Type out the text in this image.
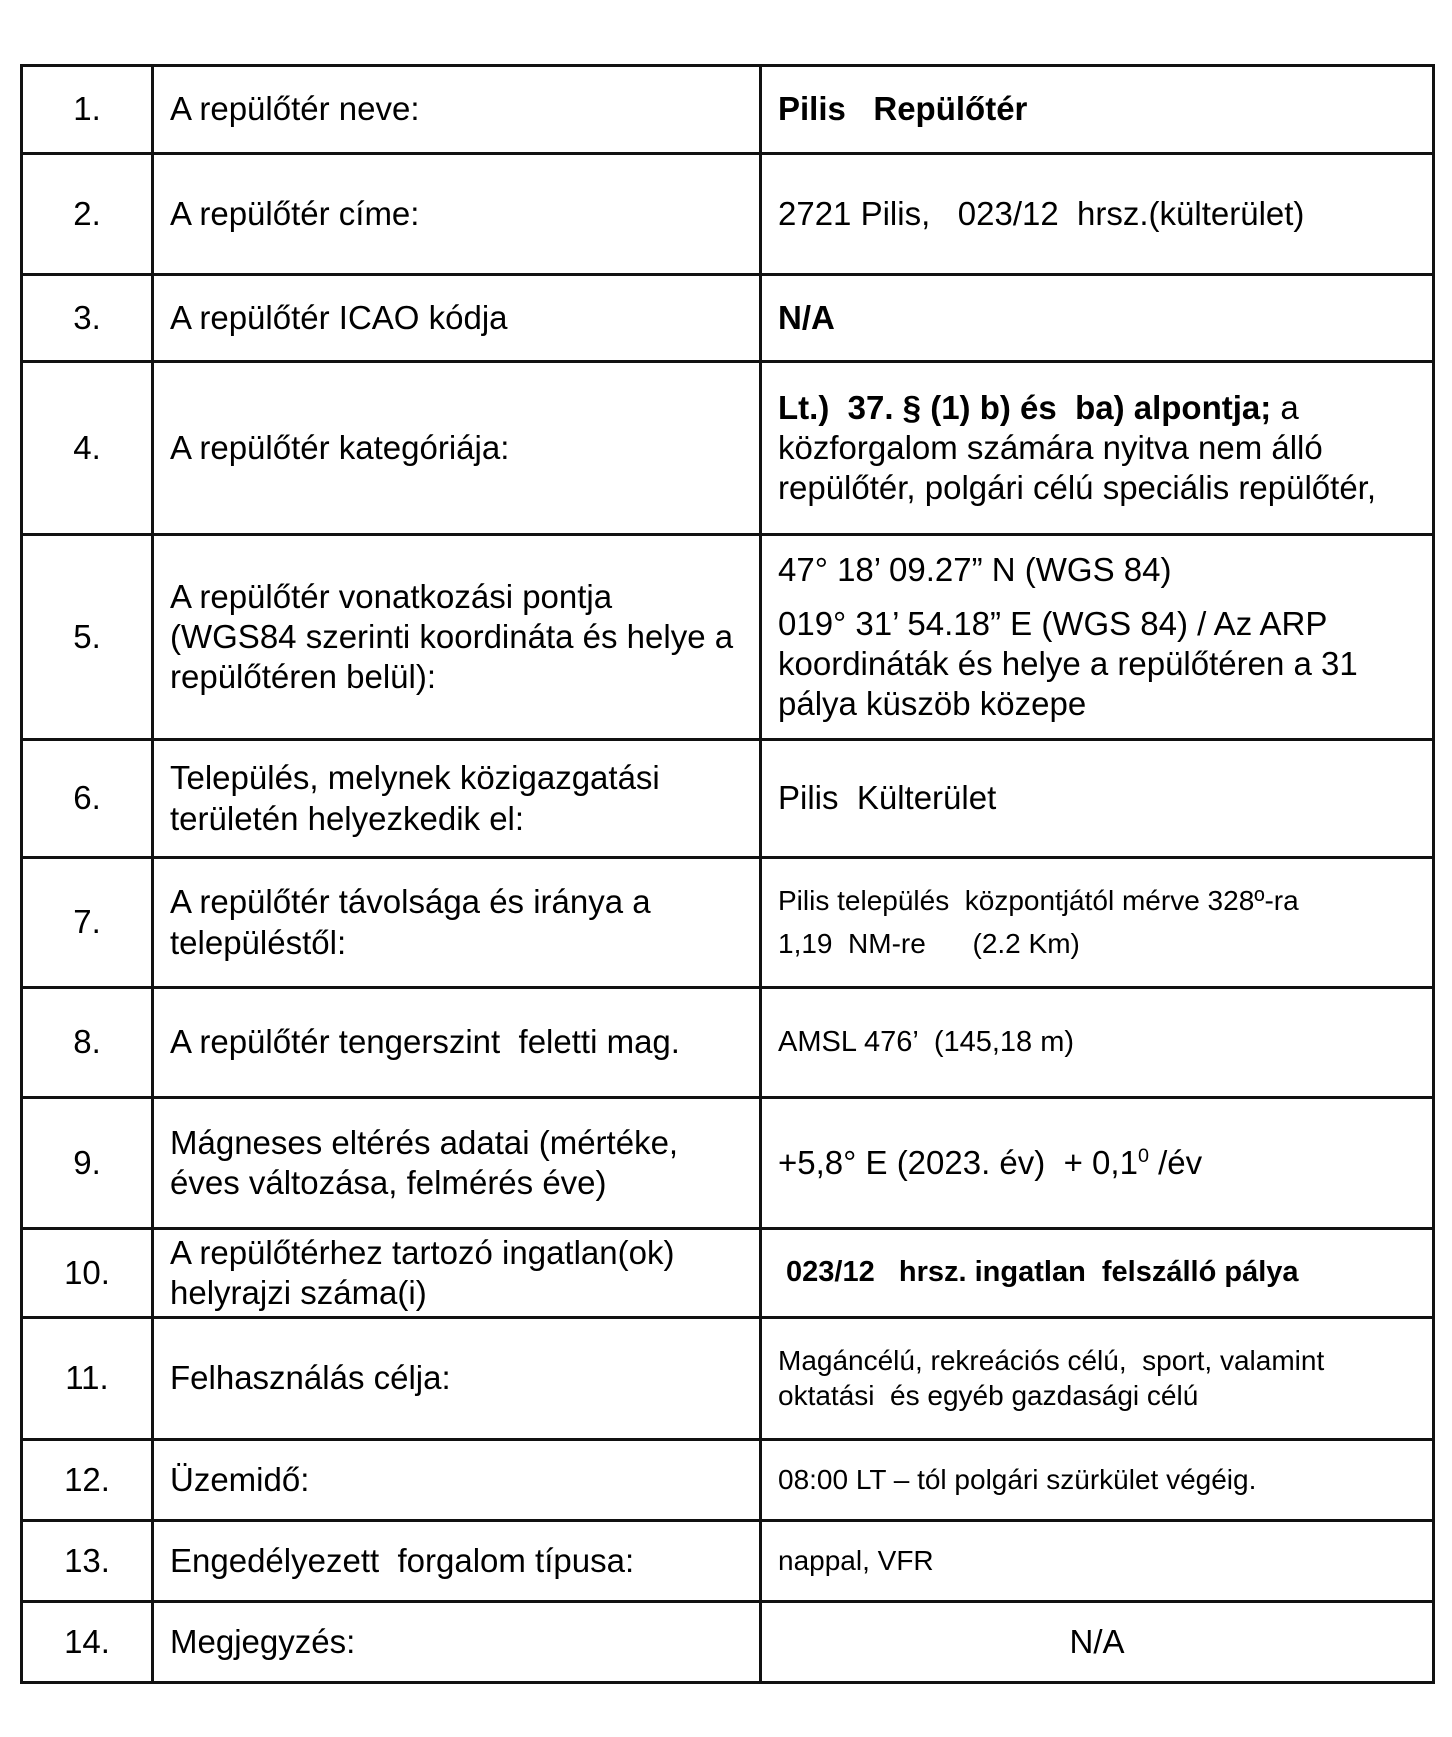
1.	A repülőtér neve:	Pilis   Repülőtér
2.	A repülőtér címe:	2721 Pilis,   023/12  hrsz.(külterület)
3.	A repülőtér ICAO kódja	N/A
4.	A repülőtér kategóriája:	Lt.)  37. § (1) b) és  ba) alpontja; a közforgalom számára nyitva nem álló repülőtér, polgári célú speciális repülőtér,
5.	A repülőtér vonatkozási pontja (WGS84 szerinti koordináta és helye a repülőtéren belül):	47° 18’ 09.27” N (WGS 84)
019° 31’ 54.18” E (WGS 84) / Az ARP koordináták és helye a repülőtéren a 31 pálya küszöb közepe

6.	Település, melynek közigazgatási területén helyezkedik el:	Pilis  Külterület
7.	A repülőtér távolsága és iránya a településtől:	Pilis település  központjától mérve 328º-ra
1,19  NM-re      (2.2 Km)

8.	A repülőtér tengerszint  feletti mag.	AMSL 476’  (145,18 m)
9.	Mágneses eltérés adatai (mértéke, éves változása, felmérés éve)	+5,8° E (2023. év)  + $0,1^0$ /év
10.	A repülőtérhez tartozó ingatlan(ok) helyrajzi száma(i)	023/12   hrsz. ingatlan  felszálló pálya
11.	Felhasználás célja:	Magáncélú, rekreációs célú,  sport, valamint oktatási  és egyéb gazdasági célú
12.	Üzemidő:	08:00 LT – tól polgári szürkület végéig.
13.	Engedélyezett  forgalom típusa:	nappal, VFR
14.	Megjegyzés:	N/A
